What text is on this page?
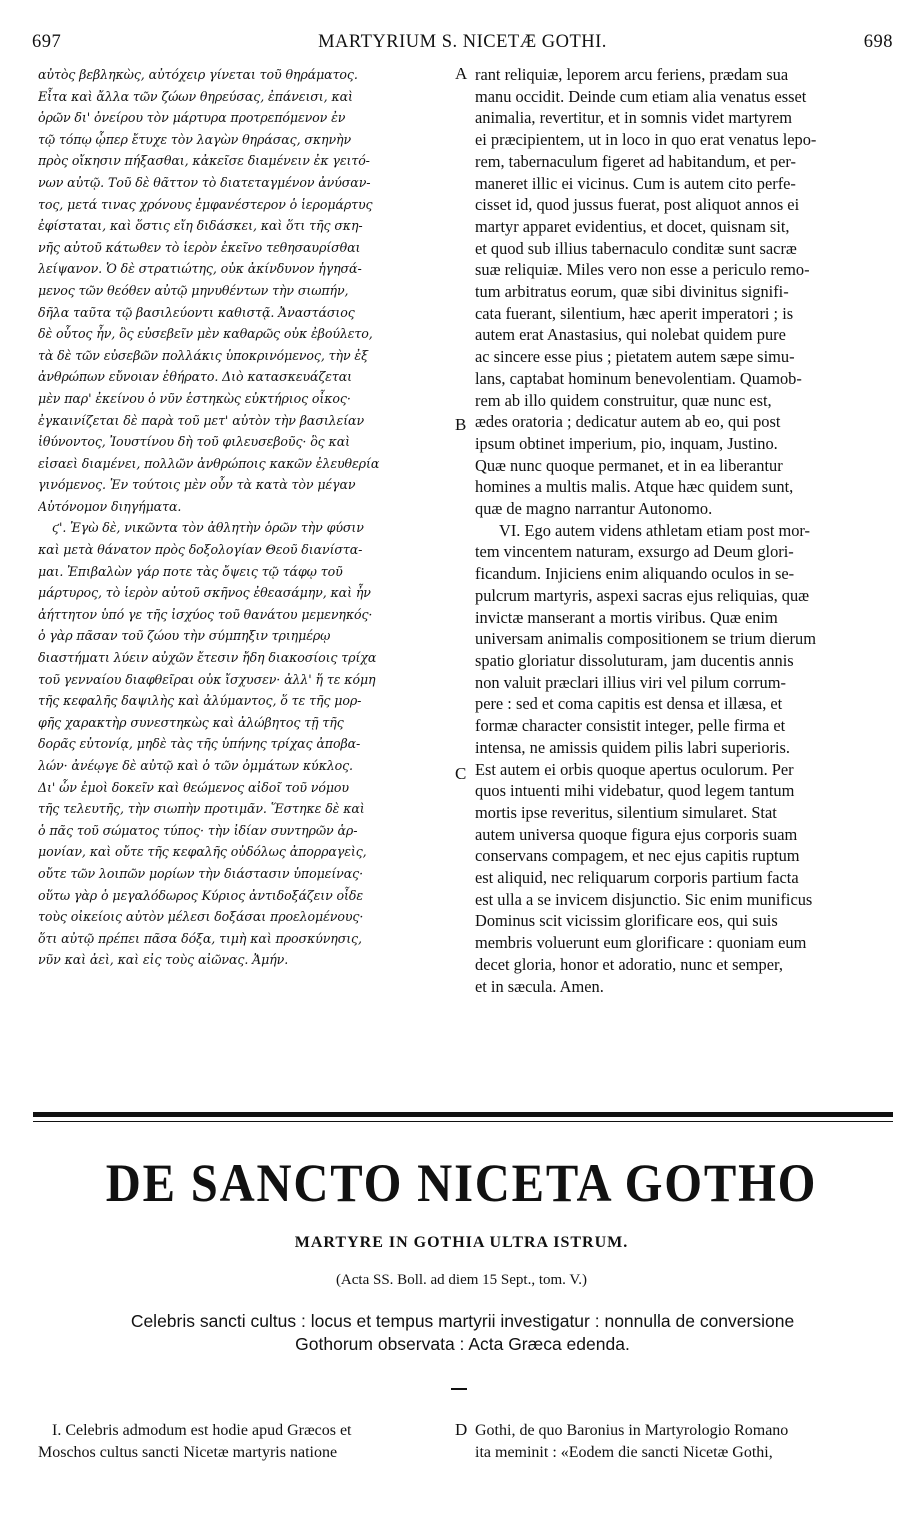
697	MARTYRIUM S. NICETÆ GOTHI.	698
αὐτὸς βεβληκὼς, αὐτόχειρ γίνεται τοῦ θηράματος.
Εἶτα καὶ ἄλλα τῶν ζώων θηρεύσας, ἐπάνεισι, καὶ
ὁρῶν δι' ὀνείρου τὸν μάρτυρα προτρεπόμενον ἐν
τῷ τόπῳ ᾧπερ ἔτυχε τὸν λαγὼν θηράσας, σκηνὴν
πρὸς οἴκησιν πήξασθαι, κἀκεῖσε διαμένειν ἐκ γειτό-
νων αὐτῷ. Τοῦ δὲ θᾶττον τὸ διατεταγμένον ἀνύσαν-
τος, μετά τινας χρόνους ἐμφανέστερον ὁ ἱερομάρτυς
ἐφίσταται, καὶ ὅστις εἴη διδάσκει, καὶ ὅτι τῆς σκη-
νῆς αὐτοῦ κάτωθεν τὸ ἱερὸν ἐκεῖνο τεθησαυρίσθαι
λείψανον. Ὁ δὲ στρατιώτης, οὐκ ἀκίνδυνον ἡγησά-
μενος τῶν θεόθεν αὐτῷ μηνυθέντων τὴν σιωπήν,
δῆλα ταῦτα τῷ βασιλεύοντι καθιστᾷ. Ἀναστάσιος
δὲ οὗτος ἦν, ὃς εὐσεβεῖν μὲν καθαρῶς οὐκ ἐβούλετο,
τὰ δὲ τῶν εὐσεβῶν πολλάκις ὑποκρινόμενος, τὴν ἐξ
ἀνθρώπων εὔνοιαν ἐθήρατο. Διὸ κατασκευάζεται
μὲν παρ' ἐκείνου ὁ νῦν ἑστηκὼς εὐκτήριος οἶκος·
ἐγκαινίζεται δὲ παρὰ τοῦ μετ' αὐτὸν τὴν βασιλείαν
ἰθύνοντος, Ἰουστίνου δὴ τοῦ φιλευσεβοῦς· ὃς καὶ
εἰσαεὶ διαμένει, πολλῶν ἀνθρώποις κακῶν ἐλευθερία
γινόμενος. Ἐν τούτοις μὲν οὖν τὰ κατὰ τὸν μέγαν
Αὐτόνομον διηγήματα.
ϛ'. Ἐγὼ δὲ, νικῶντα τὸν ἀθλητὴν ὁρῶν τὴν φύσιν
καὶ μετὰ θάνατον πρὸς δοξολογίαν Θεοῦ διανίστα-
μαι. Ἐπιβαλὼν γάρ ποτε τὰς ὄψεις τῷ τάφῳ τοῦ
μάρτυρος, τὸ ἱερὸν αὐτοῦ σκῆνος ἐθεασάμην, καὶ ἦν
ἀήττητον ὑπό γε τῆς ἰσχύος τοῦ θανάτου μεμενηκός·
ὁ γὰρ πᾶσαν τοῦ ζώου τὴν σύμπηξιν τριημέρῳ
διαστήματι λύειν αὐχῶν ἔτεσιν ἤδη διακοσίοις τρίχα
τοῦ γενναίου διαφθεῖραι οὐκ ἴσχυσεν· ἀλλ' ἥ τε κόμη
τῆς κεφαλῆς δαψιλὴς καὶ ἀλύμαντος, ὅ τε τῆς μορ-
φῆς χαρακτὴρ συνεστηκὼς καὶ ἀλώβητος τῇ τῆς
δορᾶς εὐτονίᾳ, μηδὲ τὰς τῆς ὑπήνης τρίχας ἀποβα-
λών· ἀνέῳγε δὲ αὐτῷ καὶ ὁ τῶν ὀμμάτων κύκλος.
Δι' ὧν ἐμοὶ δοκεῖν καὶ θεώμενος αἰδοῖ τοῦ νόμου
τῆς τελευτῆς, τὴν σιωπὴν προτιμᾶν. Ἕστηκε δὲ καὶ
ὁ πᾶς τοῦ σώματος τύπος· τὴν ἰδίαν συντηρῶν ἁρ-
μονίαν, καὶ οὔτε τῆς κεφαλῆς οὐδόλως ἀπορραγεὶς,
οὔτε τῶν λοιπῶν μορίων τὴν διάστασιν ὑπομείνας·
οὕτω γὰρ ὁ μεγαλόδωρος Κύριος ἀντιδοξάζειν οἶδε
τοὺς οἰκείοις αὐτὸν μέλεσι δοξάσαι προελομένους·
ὅτι αὐτῷ πρέπει πᾶσα δόξα, τιμὴ καὶ προσκύνησις,
νῦν καὶ ἀεὶ, καὶ εἰς τοὺς αἰῶνας. Ἀμήν.
rant reliquiæ, leporem arcu feriens, prædam sua
manu occidit. Deinde cum etiam alia venatus esset
animalia, revertitur, et in somnis videt martyrem
ei præcipientem, ut in loco in quo erat venatus lepo-
rem, tabernaculum figeret ad habitandum, et per-
maneret illic ei vicinus. Cum is autem cito perfe-
cisset id, quod jussus fuerat, post aliquot annos ei
martyr apparet evidentius, et docet, quisnam sit,
et quod sub illius tabernaculo conditæ sunt sacræ
suæ reliquiæ. Miles vero non esse a periculo remo-
tum arbitratus eorum, quæ sibi divinitus signifi-
cata fuerant, silentium, hæc aperit imperatori ; is
autem erat Anastasius, qui nolebat quidem pure
ac sincere esse pius ; pietatem autem sæpe simu-
lans, captabat hominum benevolentiam. Quamob-
rem ab illo quidem construitur, quæ nunc est,
ædes oratoria ; dedicatur autem ab eo, qui post
ipsum obtinet imperium, pio, inquam, Justino.
Quæ nunc quoque permanet, et in ea liberantur
homines a multis malis. Atque hæc quidem sunt,
quæ de magno narrantur Autonomo.
VI. Ego autem videns athletam etiam post mor-
tem vincentem naturam, exsurgo ad Deum glori-
ficandum. Injiciens enim aliquando oculos in se-
pulcrum martyris, aspexi sacras ejus reliquias, quæ
invictæ manserant a mortis viribus. Quæ enim
universam animalis compositionem se trium dierum
spatio gloriatur dissoluturam, jam ducentis annis
non valuit præclari illius viri vel pilum corrum-
pere : sed et coma capitis est densa et illæsa, et
formæ character consistit integer, pelle firma et
intensa, ne amissis quidem pilis labri superioris.
Est autem ei orbis quoque apertus oculorum. Per
quos intuenti mihi videbatur, quod legem tantum
mortis ipse reveritus, silentium simularet. Stat
autem universa quoque figura ejus corporis suam
conservans compagem, et nec ejus capitis ruptum
est aliquid, nec reliquarum corporis partium facta
est ulla a se invicem disjunctio. Sic enim munificus
Dominus scit vicissim glorificare eos, qui suis
membris voluerunt eum glorificare : quoniam eum
decet gloria, honor et adoratio, nunc et semper,
et in sæcula. Amen.
A
B
C
DE SANCTO NICETA GOTHO
MARTYRE IN GOTHIA ULTRA ISTRUM.
(Acta SS. Boll. ad diem 15 Sept., tom. V.)
Celebris sancti cultus : locus et tempus martyrii investigatur : nonnulla de conversione
Gothorum observata : Acta Græca edenda.
I. Celebris admodum est hodie apud Græcos et
Moschos cultus sancti Nicetæ martyris natione
D Gothi, de quo Baronius in Martyrologio Romano
ita meminit : «Eodem die sancti Nicetæ Gothi,
